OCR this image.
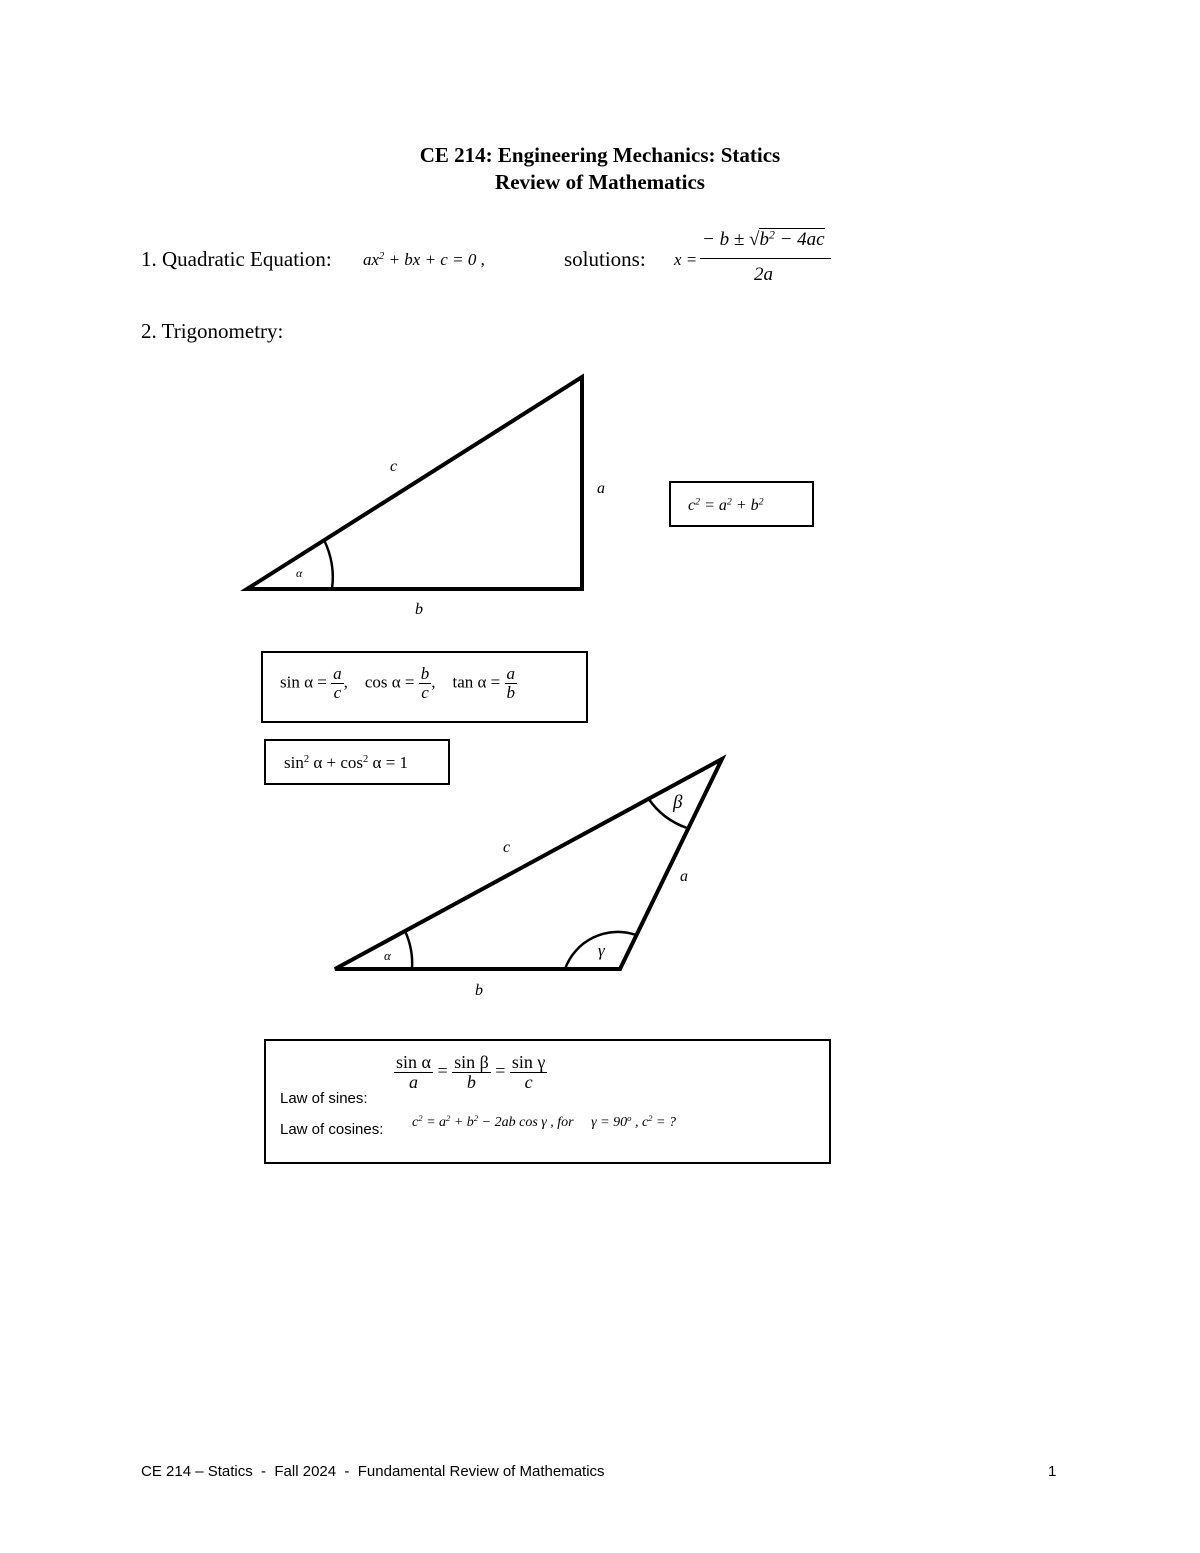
CE 214: Engineering Mechanics: Statics
Review of Mathematics
1. Quadratic Equation: $ax^2$ + bx + c = 0 ,	solutions: x =
− $b \pm √b^2 - 4ac$
2a
2. Trigonometry:
c
a
b
α
c
a
b
α
β
γ
$c^2 = a^2 + b^2$
$\sin \alpha = \frac{a}{c}$ , $\cos \alpha = \frac{b}{c}$ , $\tan \alpha = \frac{a}{b}$
$\sin^2 \alpha + \cos^2 \alpha = 1$
$\frac{\text{sin α}}{a} = \frac{\text{sin β}}{b} = \frac{\text{sin γ}}{c}$
Law of sines:
Law of cosines: $c^2 = a^2 + b^2 - 2ab$ cos γ , for $\gamma = 90^o$ , $c^2$ = ?
CE 214 – Statics  -  Fall 2024  -  Fundamental Review of Mathematics	1
